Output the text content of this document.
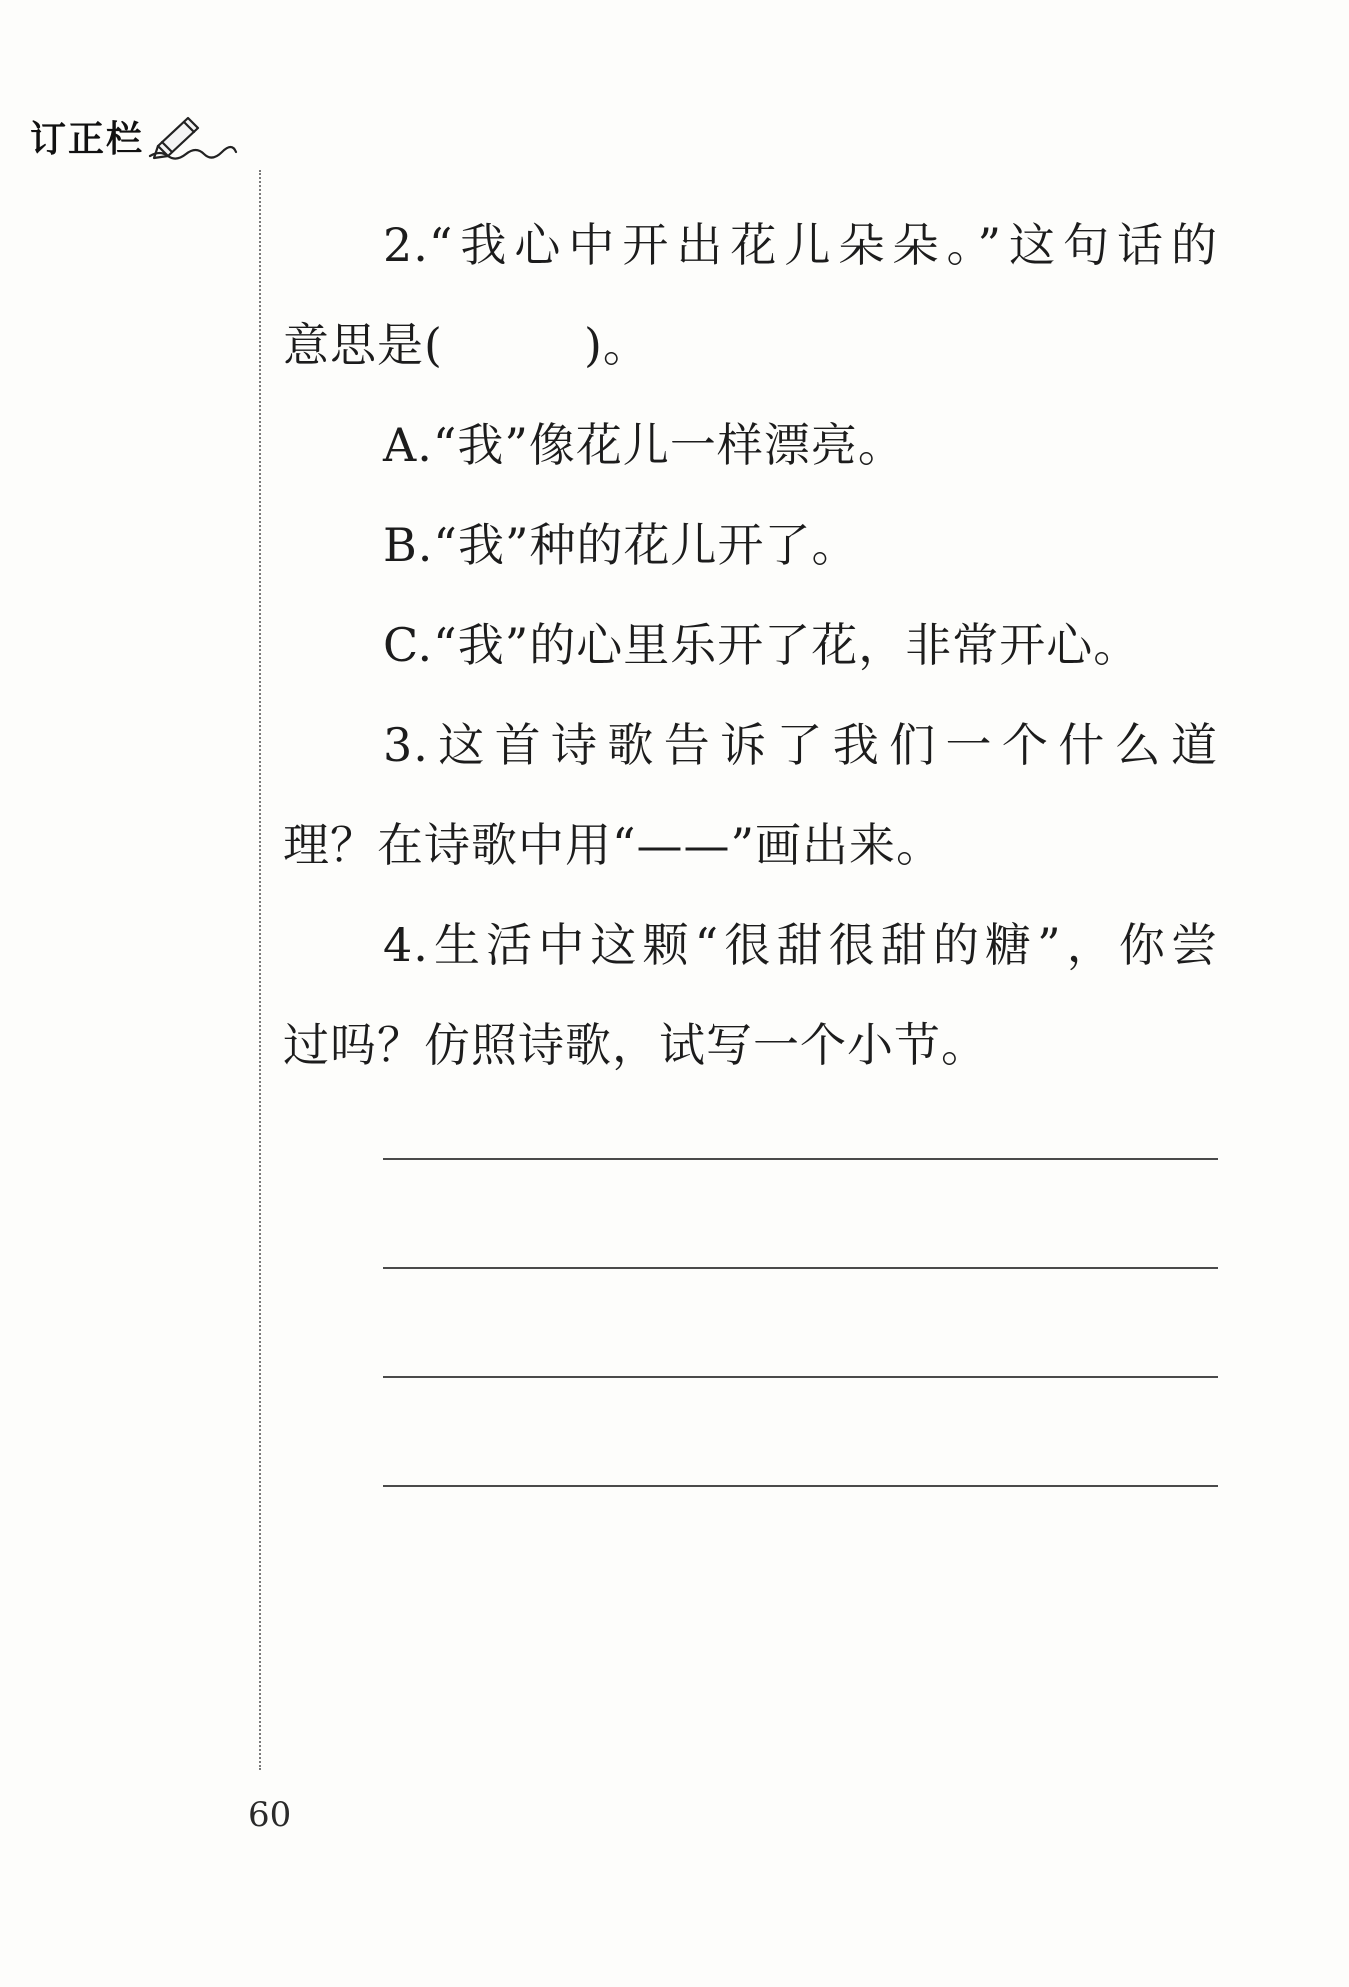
订正栏
2.“我心中开出花儿朵朵。”这句话的
意思是(　　　)。
A.“我”像花儿一样漂亮。
B.“我”种的花儿开了。
C.“我”的心里乐开了花，非常开心。
3.这首诗歌告诉了我们一个什么道
理？在诗歌中用“——”画出来。
4.生活中这颗“很甜很甜的糖”，你尝
过吗？仿照诗歌，试写一个小节。
60
